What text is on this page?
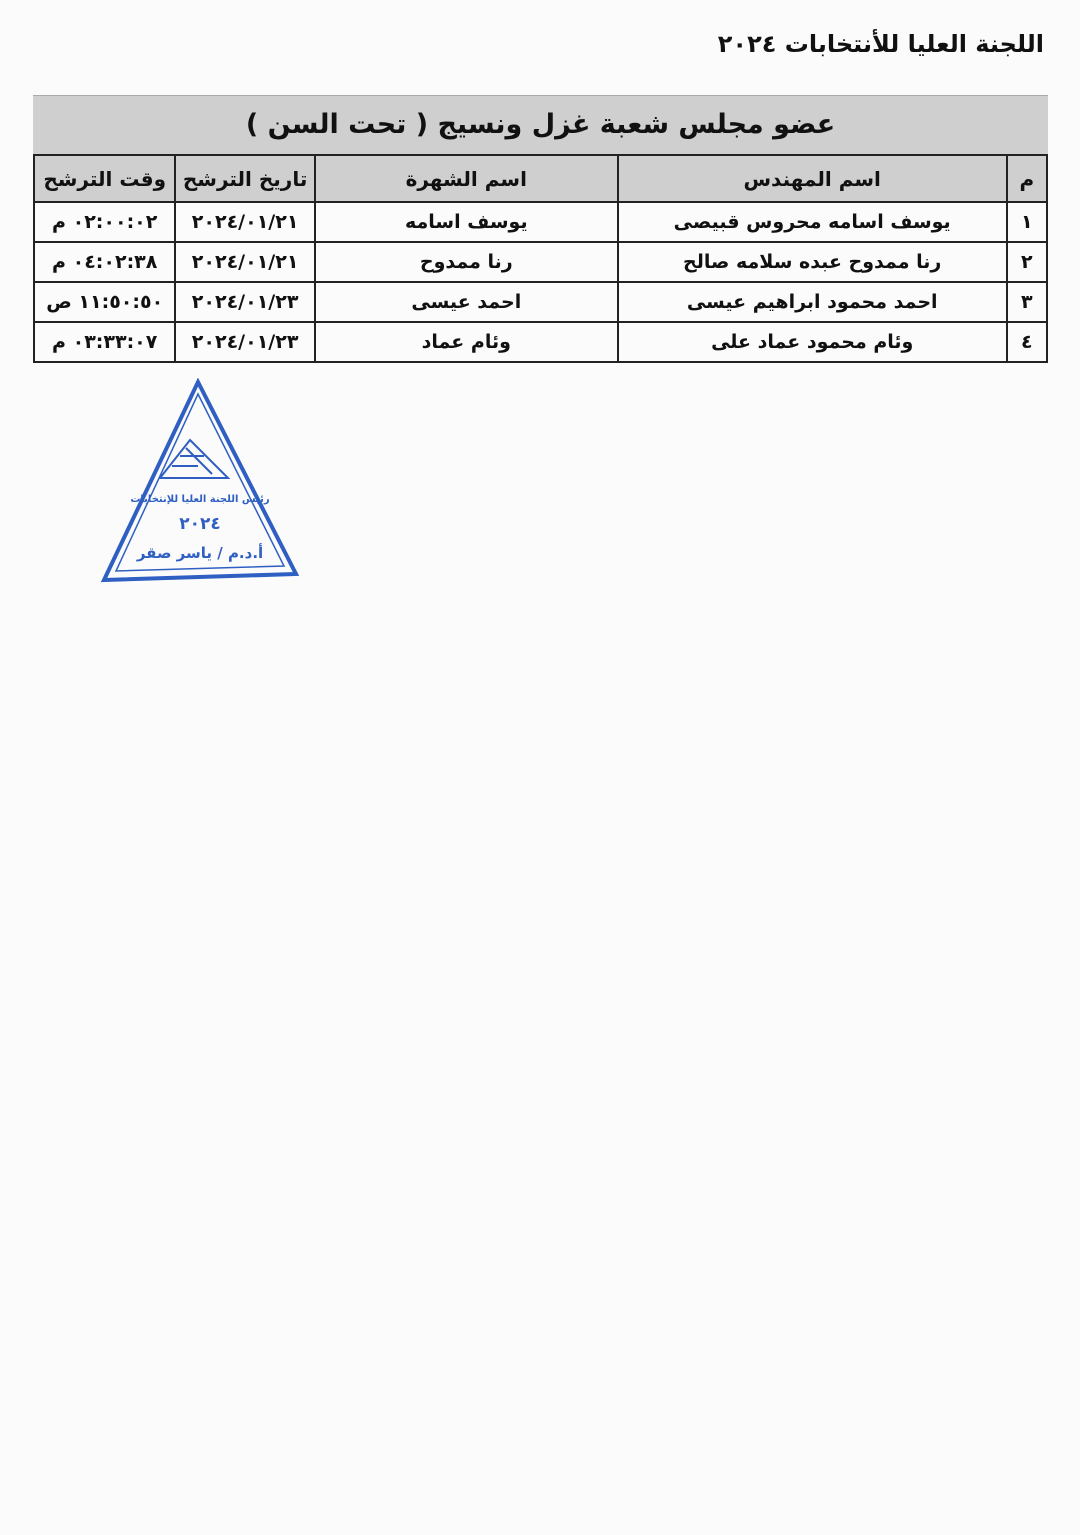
اللجنة العليا للأنتخابات ٢٠٢٤
عضو مجلس شعبة غزل ونسيج ( تحت السن )
م	اسم المهندس	اسم الشهرة	تاريخ الترشح	وقت الترشح
١	يوسف اسامه محروس قبيصى	يوسف اسامه	٢٠٢٤/٠١/٢١	٠٢:٠٠:٠٢ م
٢	رنا ممدوح عبده سلامه صالح	رنا ممدوح	٢٠٢٤/٠١/٢١	٠٤:٠٢:٣٨ م
٣	احمد محمود ابراهيم عيسى	احمد عيسى	٢٠٢٤/٠١/٢٣	١١:٥٠:٥٠ ص
٤	وئام محمود عماد على	وئام عماد	٢٠٢٤/٠١/٢٣	٠٣:٣٣:٠٧ م
رئيس اللجنة العليا للإنتخابات
٢٠٢٤
أ.د.م / ياسر صقر
